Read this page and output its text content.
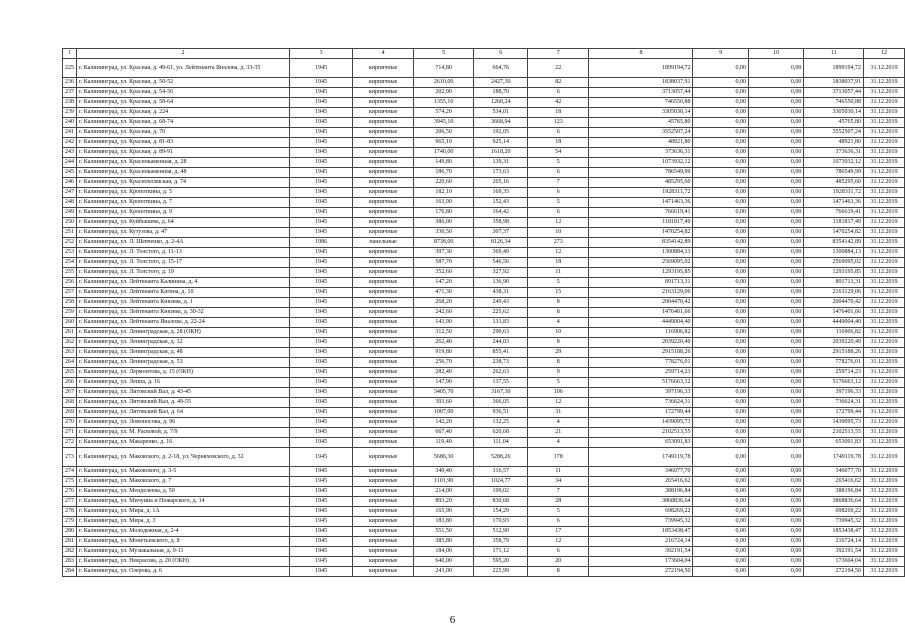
1	2	3	4	5	6	7	8	9	10	11	12
225	г. Калининград, ул. Красная, д. 49-61, ул. Лейтенанта Яналова, д. 33-35	1945	кирпичные	714,80	664,76	22	1899194,72	0,00	0,00	1899194,72	31.12.2019
236	г. Калининград, ул. Красная, д. 50-52	1945	кирпичные	2610,00	2427,30	82	1838037,91	0,00	0,00	1838037,91	31.12.2019
237	г. Калининград, ул. Красная, д. 54-56	1945	кирпичные	202,90	188,70	6	3713057,44	0,00	0,00	3713057,44	31.12.2019
238	г. Калининград, ул. Красная, д. 58-64	1945	кирпичные	1355,10	1260,24	42	746550,88	0,00	0,00	746550,88	31.12.2019
239	г. Калининград, ул. Красная, д. 224	1945	кирпичные	574,20	534,01	18	3305030,14	0,00	0,00	3305030,14	31.12.2019
240	г. Калининград, ул. Красная, д. 68-74	1945	кирпичные	3945,10	3668,94	123	45765,80	0,00	0,00	45765,80	31.12.2019
241	г. Калининград, ул. Красная, д. 70	1945	кирпичные	206,50	192,05	6	3552507,24	0,00	0,00	3552507,24	31.12.2019
242	г. Калининград, ул. Красная, д. 81-83	1945	кирпичные	965,10	925,14	18	48921,80	0,00	0,00	48921,80	31.12.2019
243	г. Калининград, ул. Красная, д. 89-91	1945	кирпичные	1740,00	1618,20	54	373636,31	0,00	0,00	373636,31	31.12.2019
244	г. Калининград, ул. Краснокаменная, д. 28	1945	кирпичные	149,80	139,31	5	1073932,12	0,00	0,00	1073932,12	31.12.2019
245	г. Калининград, ул. Краснокаменная, д. 48	1945	кирпичные	186,70	173,63	6	786549,99	0,00	0,00	786549,99	31.12.2019
246	г. Калининград, ул. Краснохолмская, д. 74	1945	кирпичные	220,60	205,16	7	485295,60	0,00	0,00	485295,60	31.12.2019
247	г. Калининград, ул. Кропоткина, д. 5	1945	кирпичные	182,10	169,35	6	1928311,72	0,00	0,00	1928311,72	31.12.2019
248	г. Калининград, ул. Кропоткина, д. 7	1945	кирпичные	163,90	152,43	5	1471463,36	0,00	0,00	1471463,36	31.12.2019
249	г. Калининград, ул. Кропоткина, д. 9	1945	кирпичные	176,80	164,42	6	766619,41	0,00	0,00	766619,41	31.12.2019
250	г. Калининград, ул. Куйбышева, д. 64	1945	кирпичные	386,00	358,98	12	1181817,49	0,00	0,00	1181817,49	31.12.2019
251	г. Калининград, ул. Кутузова, д. 47	1945	кирпичные	330,50	307,37	10	1470254,82	0,00	0,00	1470254,82	31.12.2019
252	г. Калининград, ул. Л. Шевченко, д. 2-4А	1986	панельные	8738,00	8126,34	273	8354142,89	0,00	0,00	8354142,89	31.12.2019
253	г. Калининград, ул. Л. Толстого, д. 11-13	1945	кирпичные	397,30	369,49	12	1300884,13	0,00	0,00	1300884,13	31.12.2019
254	г. Калининград, ул. Л. Толстого, д. 15-17	1945	кирпичные	587,70	546,56	18	2569095,02	0,00	0,00	2569095,02	31.12.2019
255	г. Калининград, ул. Л. Толстого, д. 19	1945	кирпичные	352,60	327,92	11	1293195,85	0,00	0,00	1293195,85	31.12.2019
256	г. Калининград, ул. Лейтенанта Калинина, д. 4	1945	кирпичные	147,20	136,90	5	891713,31	0,00	0,00	891713,31	31.12.2019
257	г. Калининград, ул. Лейтенанта Катина, д. 10	1945	кирпичные	471,30	438,31	15	2163129,06	0,00	0,00	2163129,06	31.12.2019
258	г. Калининград, ул. Лейтенанта Князева, д. 1	1945	кирпичные	268,20	249,43	8	2004470,42	0,00	0,00	2004470,42	31.12.2019
259	г. Калининград, ул. Лейтенанта Князева, д. 30-32	1945	кирпичные	242,60	225,62	8	1476401,66	0,00	0,00	1476401,66	31.12.2019
260	г. Калининград, ул. Лейтенанта Яналова, д. 22-24	1945	кирпичные	143,90	133,83	4	4449004,40	0,00	0,00	4449004,40	31.12.2019
261	г. Калининград, ул. Ленинградская, д. 28 (ОКН)	1945	кирпичные	312,50	290,63	10	116906,82	0,00	0,00	116906,82	31.12.2019
262	г. Калининград, ул. Ленинградская, д. 32	1945	кирпичные	262,40	244,03	8	2039220,49	0,00	0,00	2039220,49	31.12.2019
263	г. Калининград, ул. Ленинградская, д. 48	1945	кирпичные	919,80	855,41	29	2915188,26	0,00	0,00	2915188,26	31.12.2019
264	г. Калининград, ул. Ленинградская, д. 53	1945	кирпичные	256,70	238,73	8	778276,01	0,00	0,00	778276,01	31.12.2019
265	г. Калининград, ул. Лермонтова, д. 15 (ОКН)	1945	кирпичные	282,40	262,63	9	259714,23	0,00	0,00	259714,23	31.12.2019
266	г. Калининград, ул. Леппа, д. 16	1945	кирпичные	147,90	137,55	5	5176663,12	0,00	0,00	5176663,12	31.12.2019
267	г. Калининград, ул. Литовский Вал, д. 43-45	1945	кирпичные	3405,70	3167,30	106	397196,33	0,00	0,00	397196,33	31.12.2019
268	г. Калининград, ул. Литовский Вал, д. 49-55	1945	кирпичные	393,60	366,05	12	736624,31	0,00	0,00	736624,31	31.12.2019
269	г. Калининград, ул. Литовский Вал, д. 64	1945	кирпичные	1007,00	936,51	31	172799,44	0,00	0,00	172799,44	31.12.2019
270	г. Калининград, ул. Ломоносова, д. 96	1945	кирпичные	142,20	132,25	4	1439095,73	0,00	0,00	1439095,73	31.12.2019
271	г. Калининград, ул. М. Расковой, д. 7/9	1945	кирпичные	667,40	620,68	21	2102513,55	0,00	0,00	2102513,55	31.12.2019
272	г. Калининград, ул. Макаренко, д. 16	1945	кирпичные	119,40	111,04	4	653091,83	0,00	0,00	653091,83	31.12.2019
273	г. Калининград, ул. Маковского, д. 2-18, ул. Черняховского, д. 32	1945	кирпичные	5686,30	5288,26	178	1749119,78	0,00	0,00	1749119,78	31.12.2019
274	г. Калининград, ул. Маковского, д. 3-5	1945	кирпичные	340,40	316,57	11	346077,70	0,00	0,00	346077,70	31.12.2019
275	г. Калининград, ул. Маковского, д. 7	1945	кирпичные	1101,90	1024,77	34	265416,62	0,00	0,00	265416,62	31.12.2019
276	г. Калининград, ул. Менделеева, д. 50	1945	кирпичные	214,00	199,02	7	388196,84	0,00	0,00	388196,84	31.12.2019
277	г. Калининград, ул. Мичуина и Пожарского, д. 14	1945	кирпичные	893,20	830,68	28	3868836,64	0,00	0,00	3868836,64	31.12.2019
278	г. Калининград, ул. Мира, д. 1А	1945	кирпичные	165,90	154,29	5	698269,22	0,00	0,00	698269,22	31.12.2019
279	г. Калининград, ул. Мира, д. 3	1945	кирпичные	183,80	170,93	6	739945,32	0,00	0,00	739945,32	31.12.2019
280	г. Калининград, ул. Молодежная, д. 2-4	1945	кирпичные	551,50	512,90	17	1853438,47	0,00	0,00	1853438,47	31.12.2019
281	г. Калининград, ул. Монетьевского, д. 8	1945	кирпичные	385,80	358,79	12	216724,14	0,00	0,00	216724,14	31.12.2019
282	г. Калининград, ул. Музыкальная, д. 9-11	1945	кирпичные	184,00	171,12	6	392191,54	0,00	0,00	392191,54	31.12.2019
283	г. Калининград, ул. Некрасова, д. 20 (ОКН)	1945	кирпичные	640,00	595,20	20	173604,04	0,00	0,00	173604,04	31.12.2019
284	г. Калининград, ул. Озерова, д. 6	1945	кирпичные	243,00	225,99	8	272194,50	0,00	0,00	272194,50	31.12.2019
6
